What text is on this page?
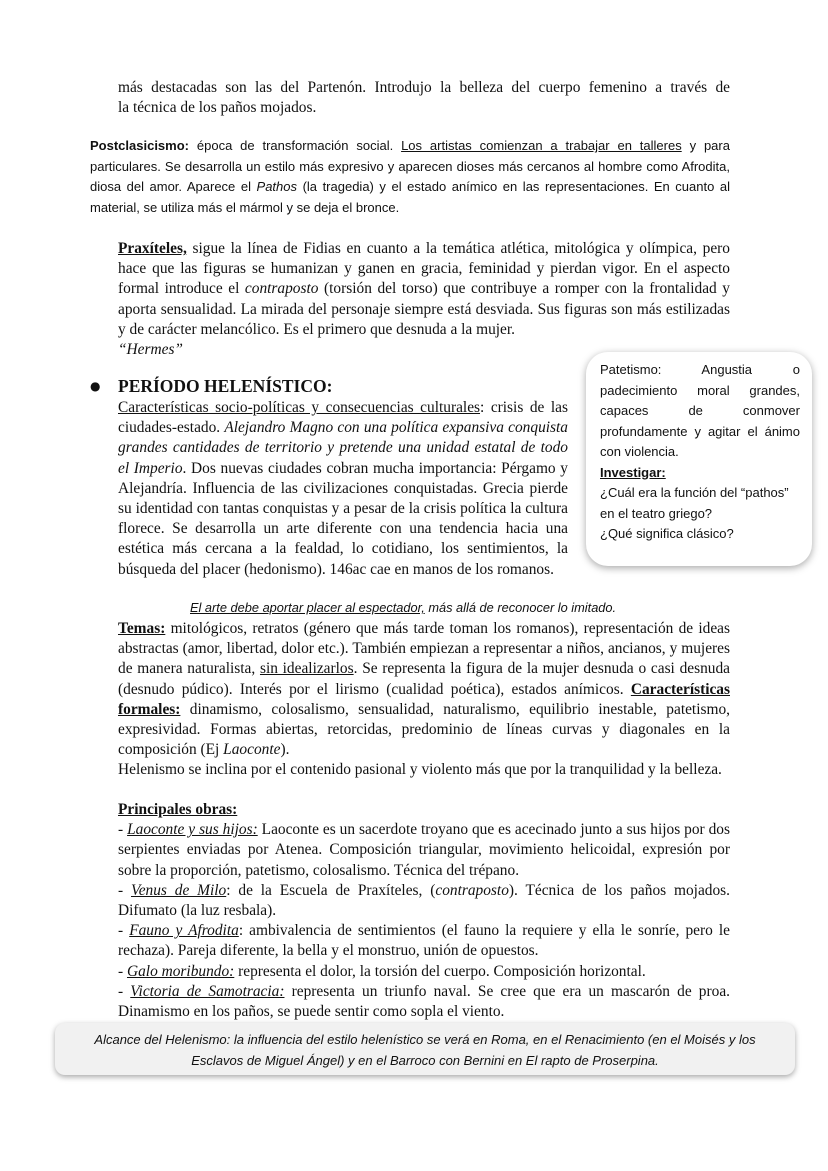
más destacadas son las del Partenón. Introdujo la belleza del cuerpo femenino a través de
la técnica de los paños mojados.
Postclasicismo: época de transformación social. Los artistas comienzan a trabajar en talleres y para particulares. Se desarrolla un estilo más expresivo y aparecen dioses más cercanos al hombre como Afrodita, diosa del amor. Aparece el Pathos (la tragedia) y el estado anímico en las representaciones. En cuanto al material, se utiliza más el mármol y se deja el bronce.
Praxíteles, sigue la línea de Fidias en cuanto a la temática atlética, mitológica y olímpica, pero hace que las figuras se humanizan y ganen en gracia, feminidad y pierdan vigor. En el aspecto formal introduce el contraposto (torsión del torso) que contribuye a romper con la frontalidad y aporta sensualidad. La mirada del personaje siempre está desviada. Sus figuras son más estilizadas y de carácter melancólico. Es el primero que desnuda a la mujer.
“Hermes”

Patetismo: Angustia o padecimiento moral grandes, capaces de conmover profundamente y agitar el ánimo con violencia.

Investigar:

¿Cuál era la función del “pathos” en el teatro griego?

¿Qué significa clásico?

● PERÍODO HELENÍSTICO:
Características socio-políticas y consecuencias culturales: crisis de las ciudades-estado. Alejandro Magno con una política expansiva conquista grandes cantidades de territorio y pretende una unidad estatal de todo el Imperio. Dos nuevas ciudades cobran mucha importancia: Pérgamo y Alejandría. Influencia de las civilizaciones conquistadas. Grecia pierde su identidad con tantas conquistas y a pesar de la crisis política la cultura florece. Se desarrolla un arte diferente con una tendencia hacia una estética más cercana a la fealdad, lo cotidiano, los sentimientos, la búsqueda del placer (hedonismo). 146ac cae en manos de los romanos.
El arte debe aportar placer al espectador, más allá de reconocer lo imitado.
Temas: mitológicos, retratos (género que más tarde toman los romanos), representación de ideas abstractas (amor, libertad, dolor etc.). También empiezan a representar a niños, ancianos, y mujeres de manera naturalista, sin idealizarlos. Se representa la figura de la mujer desnuda o casi desnuda (desnudo púdico). Interés por el lirismo (cualidad poética), estados anímicos. Características formales: dinamismo, colosalismo, sensualidad, naturalismo, equilibrio inestable, patetismo, expresividad. Formas abiertas, retorcidas, predominio de líneas curvas y diagonales en la composición (Ej Laoconte).
Helenismo se inclina por el contenido pasional y violento más que por la tranquilidad y la belleza.
Principales obras:
- Laoconte y sus hijos: Laoconte es un sacerdote troyano que es acecinado junto a sus hijos por dos serpientes enviadas por Atenea. Composición triangular, movimiento helicoidal, expresión por sobre la proporción, patetismo, colosalismo. Técnica del trépano.
- Venus de Milo: de la Escuela de Praxíteles, (contraposto). Técnica de los paños mojados. Difumato (la luz resbala).
- Fauno y Afrodita: ambivalencia de sentimientos (el fauno la requiere y ella le sonríe, pero le rechaza). Pareja diferente, la bella y el monstruo, unión de opuestos.
- Galo moribundo: representa el dolor, la torsión del cuerpo. Composición horizontal.
- Victoria de Samotracia: representa un triunfo naval. Se cree que era un mascarón de proa. Dinamismo en los paños, se puede sentir como sopla el viento.
Alcance del Helenismo: la influencia del estilo helenístico se verá en Roma, en el Renacimiento (en el Moisés y los
Esclavos de Miguel Ángel) y en el Barroco con Bernini en El rapto de Proserpina.
